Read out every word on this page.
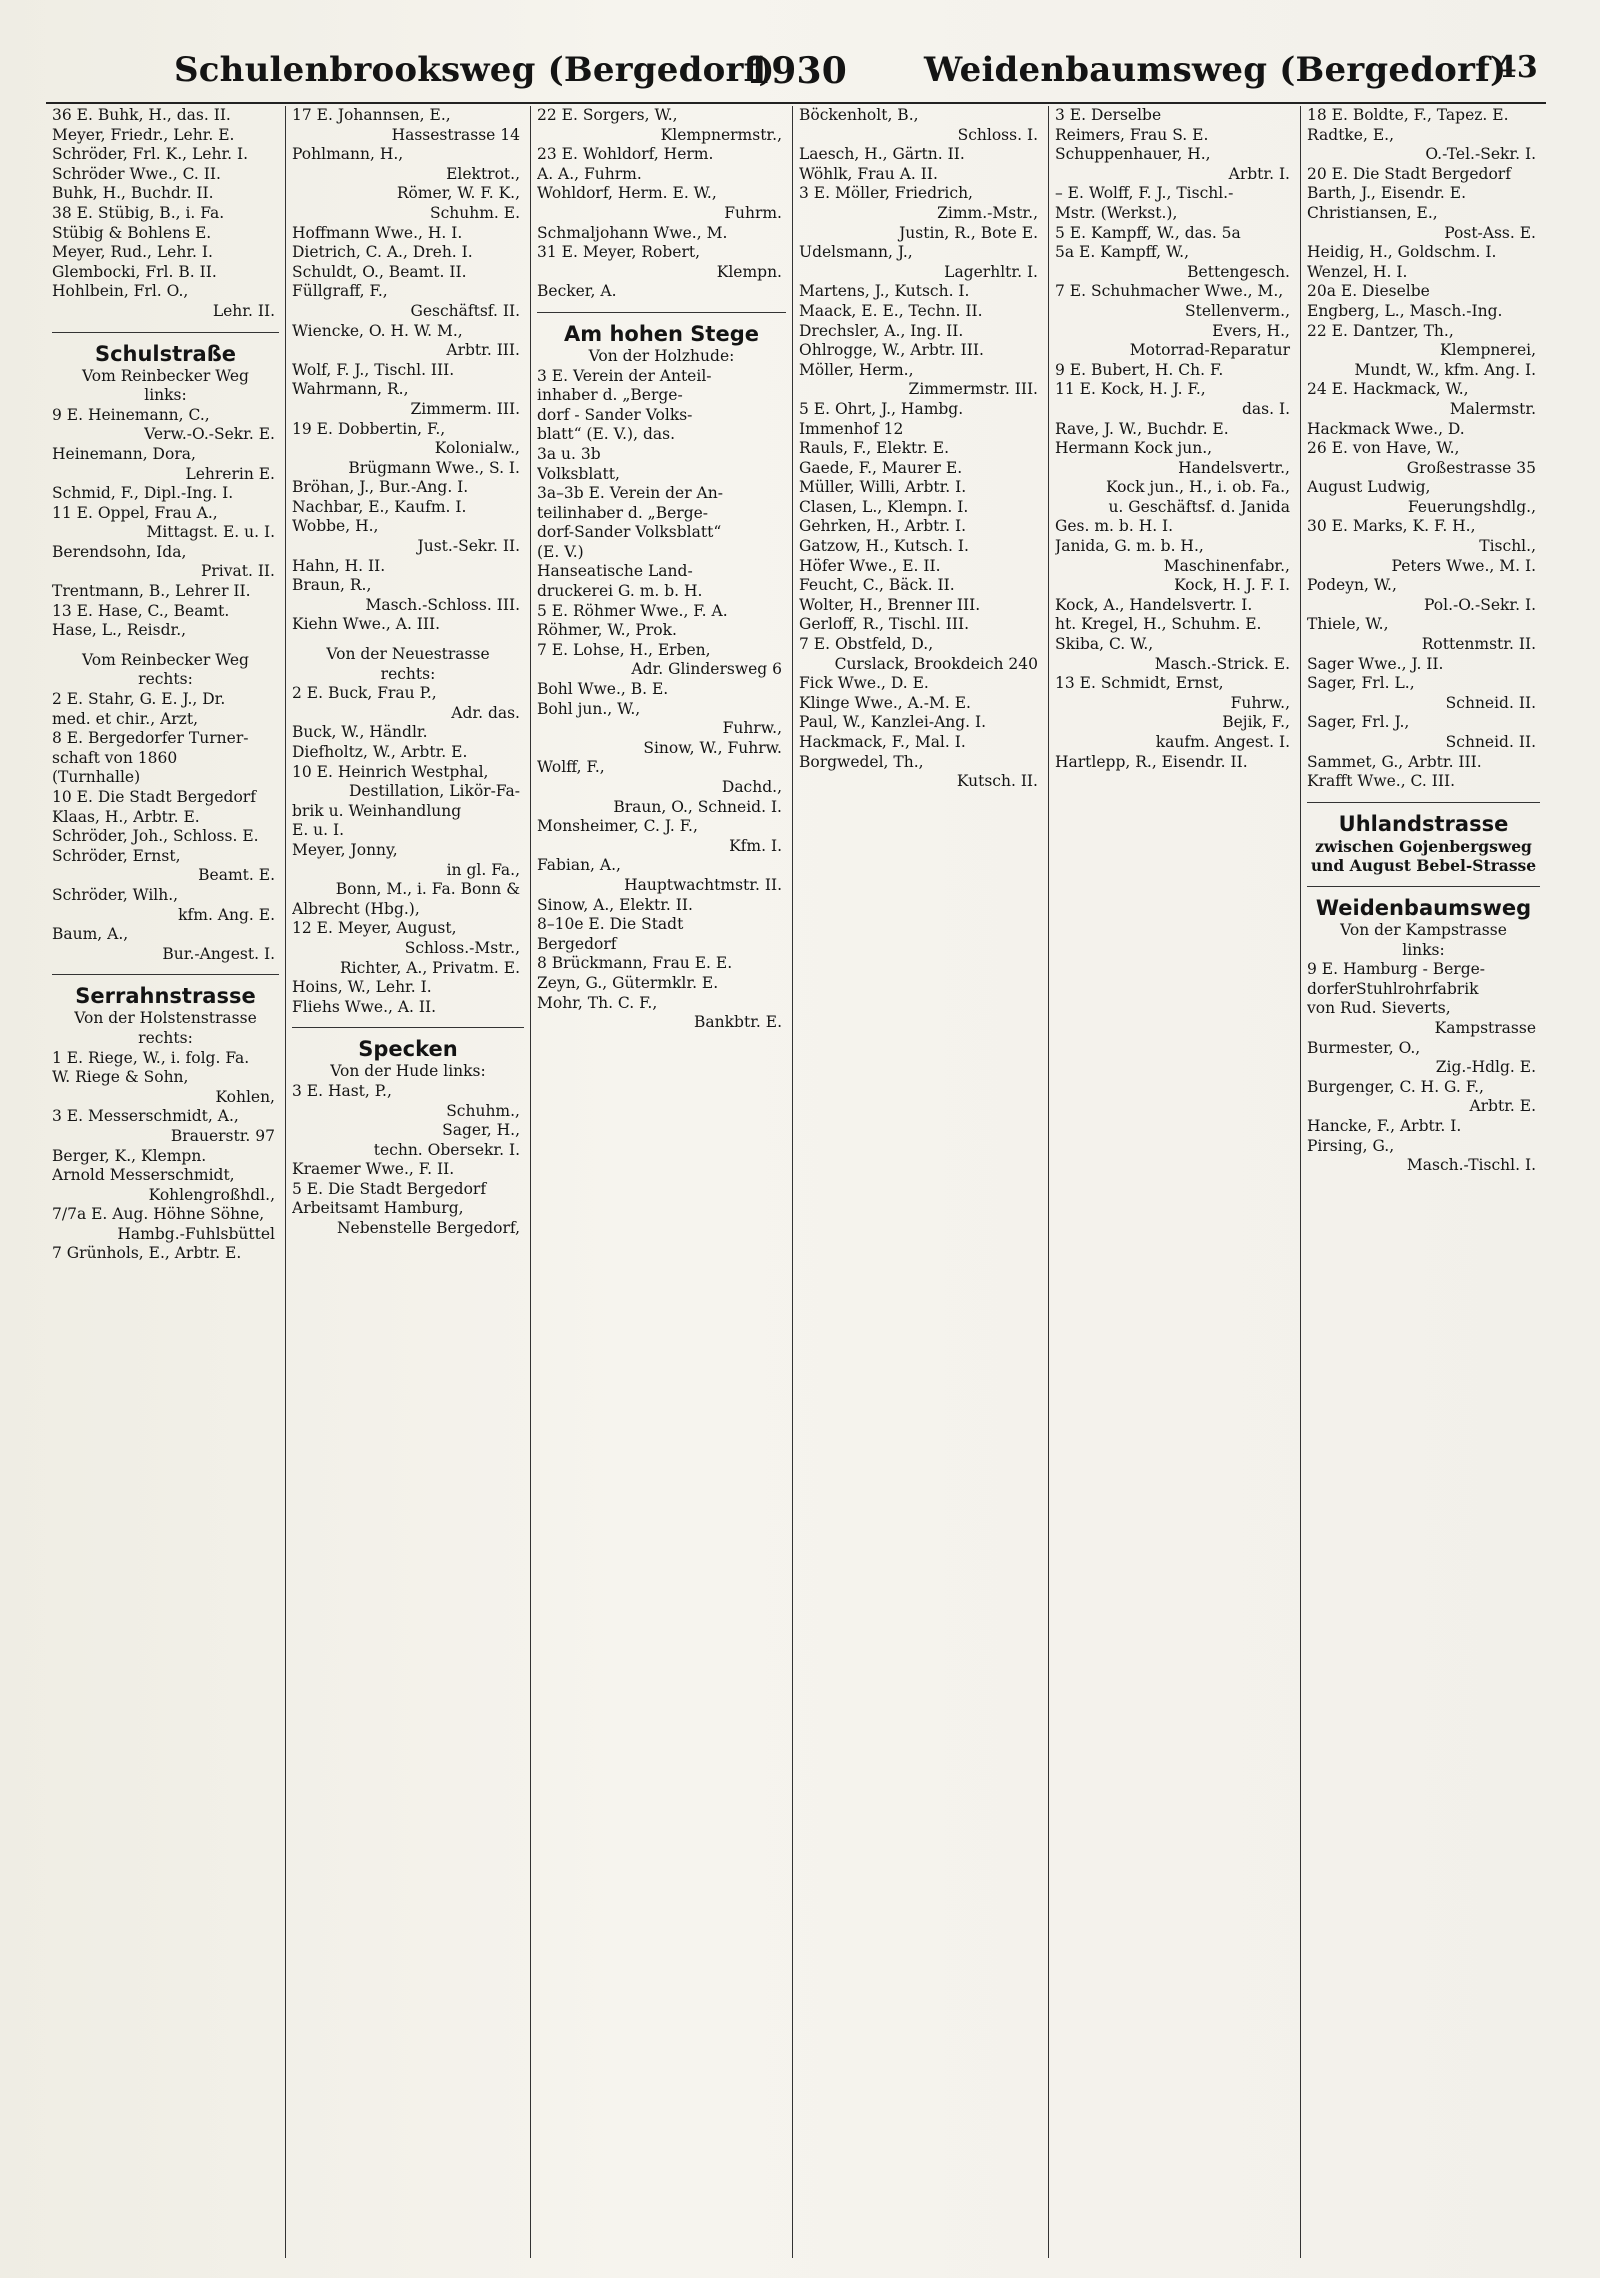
Schulenbrooksweg (Bergedorf)
1930 Weidenbaumsweg (Bergedorf)
43
36 E. Buhk, H., das. II.
Meyer, Friedr., Lehr. E.
Schröder, Frl. K., Lehr. I.
Schröder Wwe., C. II.
Buhk, H., Buchdr. II.
38 E. Stübig, B., i. Fa.
Stübig & Bohlens E.
Meyer, Rud., Lehr. I.
Glembocki, Frl. B. II.
Hohlbein, Frl. O.,
Lehr. II.
Schulstraße
Vom Reinbecker Weg
links:
9 E. Heinemann, C.,
Verw.-O.-Sekr. E.
Heinemann, Dora,
Lehrerin E.
Schmid, F., Dipl.-Ing. I.
11 E. Oppel, Frau A.,
Mittagst. E. u. I.
Berendsohn, Ida,
Privat. II.
Trentmann, B., Lehrer II.
13 E. Hase, C., Beamt.
Hase, L., Reisdr.,
Vom Reinbecker Weg
rechts:
2 E. Stahr, G. E. J., Dr.
med. et chir., Arzt,
8 E. Bergedorfer Turner-
schaft von 1860
(Turnhalle)
10 E. Die Stadt Bergedorf
Klaas, H., Arbtr. E.
Schröder, Joh., Schloss. E.
Schröder, Ernst,
Beamt. E.
Schröder, Wilh.,
kfm. Ang. E.
Baum, A.,
Bur.-Angest. I.
Serrahnstrasse
Von der Holstenstrasse
rechts:
1 E. Riege, W., i. folg. Fa.
W. Riege & Sohn,
Kohlen,
3 E. Messerschmidt, A.,
Brauerstr. 97
Berger, K., Klempn.
Arnold Messerschmidt,
Kohlengroßhdl.,
7/7a E. Aug. Höhne Söhne,
Hambg.-Fuhlsbüttel
7 Grünhols, E., Arbtr. E.
17 E. Johannsen, E.,
Hassestrasse 14
Pohlmann, H.,
Elektrot.,
Römer, W. F. K.,
Schuhm. E.
Hoffmann Wwe., H. I.
Dietrich, C. A., Dreh. I.
Schuldt, O., Beamt. II.
Füllgraff, F.,
Geschäftsf. II.
Wiencke, O. H. W. M.,
Arbtr. III.
Wolf, F. J., Tischl. III.
Wahrmann, R.,
Zimmerm. III.
19 E. Dobbertin, F.,
Kolonialw.,
Brügmann Wwe., S. I.
Bröhan, J., Bur.-Ang. I.
Nachbar, E., Kaufm. I.
Wobbe, H.,
Just.-Sekr. II.
Hahn, H. II.
Braun, R.,
Masch.-Schloss. III.
Kiehn Wwe., A. III.
Von der Neuestrasse
rechts:
2 E. Buck, Frau P.,
Adr. das.
Buck, W., Händlr.
Diefholtz, W., Arbtr. E.
10 E. Heinrich Westphal,
Destillation, Likör-Fa-
brik u. Weinhandlung
E. u. I.
Meyer, Jonny,
in gl. Fa.,
Bonn, M., i. Fa. Bonn &
Albrecht (Hbg.),
12 E. Meyer, August,
Schloss.-Mstr.,
Richter, A., Privatm. E.
Hoins, W., Lehr. I.
Fliehs Wwe., A. II.
Specken
Von der Hude links:
3 E. Hast, P.,
Schuhm.,
Sager, H.,
techn. Obersekr. I.
Kraemer Wwe., F. II.
5 E. Die Stadt Bergedorf
Arbeitsamt Hamburg,
Nebenstelle Bergedorf,
22 E. Sorgers, W.,
Klempnermstr.,
23 E. Wohldorf, Herm.
A. A., Fuhrm.
Wohldorf, Herm. E. W.,
Fuhrm.
Schmaljohann Wwe., M.
31 E. Meyer, Robert,
Klempn.
Becker, A.
Am hohen Stege
Von der Holzhude:
3 E. Verein der Anteil-
inhaber d. „Berge-
dorf - Sander Volks-
blatt“ (E. V.), das.
3a u. 3b
Volksblatt,
3a–3b E. Verein der An-
teilinhaber d. „Berge-
dorf-Sander Volksblatt“
(E. V.)
Hanseatische Land-
druckerei G. m. b. H.
5 E. Röhmer Wwe., F. A.
Röhmer, W., Prok.
7 E. Lohse, H., Erben,
Adr. Glindersweg 6
Bohl Wwe., B. E.
Bohl jun., W.,
Fuhrw.,
Sinow, W., Fuhrw.
Wolff, F.,
Dachd.,
Braun, O., Schneid. I.
Monsheimer, C. J. F.,
Kfm. I.
Fabian, A.,
Hauptwachtmstr. II.
Sinow, A., Elektr. II.
8–10e E. Die Stadt
Bergedorf
8 Brückmann, Frau E. E.
Zeyn, G., Gütermklr. E.
Mohr, Th. C. F.,
Bankbtr. E.
Böckenholt, B.,
Schloss. I.
Laesch, H., Gärtn. II.
Wöhlk, Frau A. II.
3 E. Möller, Friedrich,
Zimm.-Mstr.,
Justin, R., Bote E.
Udelsmann, J.,
Lagerhltr. I.
Martens, J., Kutsch. I.
Maack, E. E., Techn. II.
Drechsler, A., Ing. II.
Ohlrogge, W., Arbtr. III.
Möller, Herm.,
Zimmermstr. III.
5 E. Ohrt, J., Hambg.
Immenhof 12
Rauls, F., Elektr. E.
Gaede, F., Maurer E.
Müller, Willi, Arbtr. I.
Clasen, L., Klempn. I.
Gehrken, H., Arbtr. I.
Gatzow, H., Kutsch. I.
Höfer Wwe., E. II.
Feucht, C., Bäck. II.
Wolter, H., Brenner III.
Gerloff, R., Tischl. III.
7 E. Obstfeld, D.,
Curslack, Brookdeich 240
Fick Wwe., D. E.
Klinge Wwe., A.-M. E.
Paul, W., Kanzlei-Ang. I.
Hackmack, F., Mal. I.
Borgwedel, Th.,
Kutsch. II.
3 E. Derselbe
Reimers, Frau S. E.
Schuppenhauer, H.,
Arbtr. I.
– E. Wolff, F. J., Tischl.-
Mstr. (Werkst.),
5 E. Kampff, W., das. 5a
5a E. Kampff, W.,
Bettengesch.
7 E. Schuhmacher Wwe., M.,
Stellenverm.,
Evers, H.,
Motorrad-Reparatur
9 E. Bubert, H. Ch. F.
11 E. Kock, H. J. F.,
das. I.
Rave, J. W., Buchdr. E.
Hermann Kock jun.,
Handelsvertr.,
Kock jun., H., i. ob. Fa.,
u. Geschäftsf. d. Janida
Ges. m. b. H. I.
Janida, G. m. b. H.,
Maschinenfabr.,
Kock, H. J. F. I.
Kock, A., Handelsvertr. I.
ht. Kregel, H., Schuhm. E.
Skiba, C. W.,
Masch.-Strick. E.
13 E. Schmidt, Ernst,
Fuhrw.,
Bejik, F.,
kaufm. Angest. I.
Hartlepp, R., Eisendr. II.
18 E. Boldte, F., Tapez. E.
Radtke, E.,
O.-Tel.-Sekr. I.
20 E. Die Stadt Bergedorf
Barth, J., Eisendr. E.
Christiansen, E.,
Post-Ass. E.
Heidig, H., Goldschm. I.
Wenzel, H. I.
20a E. Dieselbe
Engberg, L., Masch.-Ing.
22 E. Dantzer, Th.,
Klempnerei,
Mundt, W., kfm. Ang. I.
24 E. Hackmack, W.,
Malermstr.
Hackmack Wwe., D.
26 E. von Have, W.,
Großestrasse 35
August Ludwig,
Feuerungshdlg.,
30 E. Marks, K. F. H.,
Tischl.,
Peters Wwe., M. I.
Podeyn, W.,
Pol.-O.-Sekr. I.
Thiele, W.,
Rottenmstr. II.
Sager Wwe., J. II.
Sager, Frl. L.,
Schneid. II.
Sager, Frl. J.,
Schneid. II.
Sammet, G., Arbtr. III.
Krafft Wwe., C. III.
Uhlandstrasse
zwischen Gojenbergsweg
und August Bebel-Strasse
Weidenbaumsweg
Von der Kampstrasse
links:
9 E. Hamburg - Berge-
dorferStuhlrohrfabrik
von Rud. Sieverts,
Kampstrasse
Burmester, O.,
Zig.-Hdlg. E.
Burgenger, C. H. G. F.,
Arbtr. E.
Hancke, F., Arbtr. I.
Pirsing, G.,
Masch.-Tischl. I.
